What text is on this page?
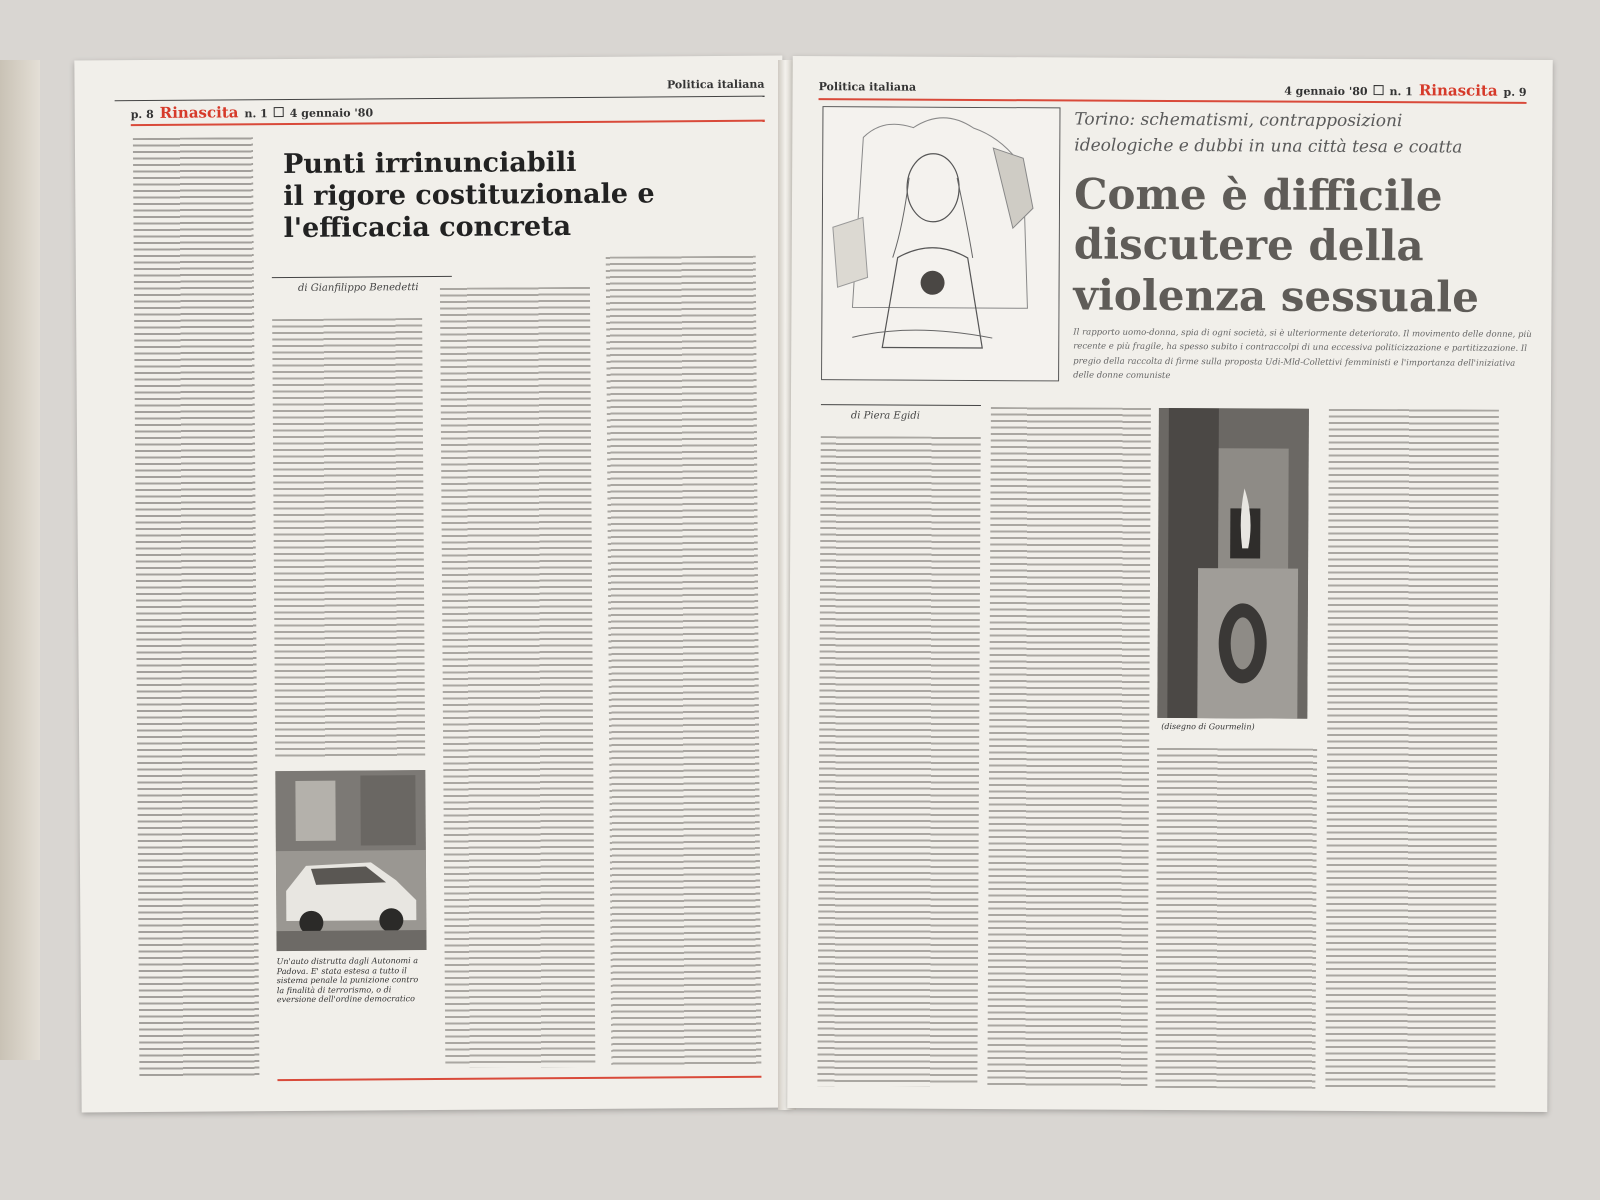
Politica italiana
p. 8 Rinascita n. 1 4 gennaio '80
Punti irrinunciabili
il rigore costituzionale e
l'efficacia concreta
di Gianfilippo Benedetti
Un'auto distrutta dagli Autonomi a Padova. E' stata estesa a tutto il sistema penale la punizione contro la finalità di terrorismo, o di eversione dell'ordine democratico
Politica italiana	4 gennaio '80 n. 1 Rinascita p. 9
Torino: schematismi, contrapposizioni
ideologiche e dubbi in una città tesa e coatta
Come è difficile
discutere della
violenza sessuale
Il rapporto uomo-donna, spia di ogni società, si è ulteriormente deteriorato. Il movimento delle donne, più recente e più fragile, ha spesso subito i contraccolpi di una eccessiva politicizzazione e partitizzazione. Il pregio della raccolta di firme sulla proposta Udi-Mld-Collettivi femministi e l'importanza dell'iniziativa delle donne comuniste
di Piera Egidi
(disegno di Gourmelin)
